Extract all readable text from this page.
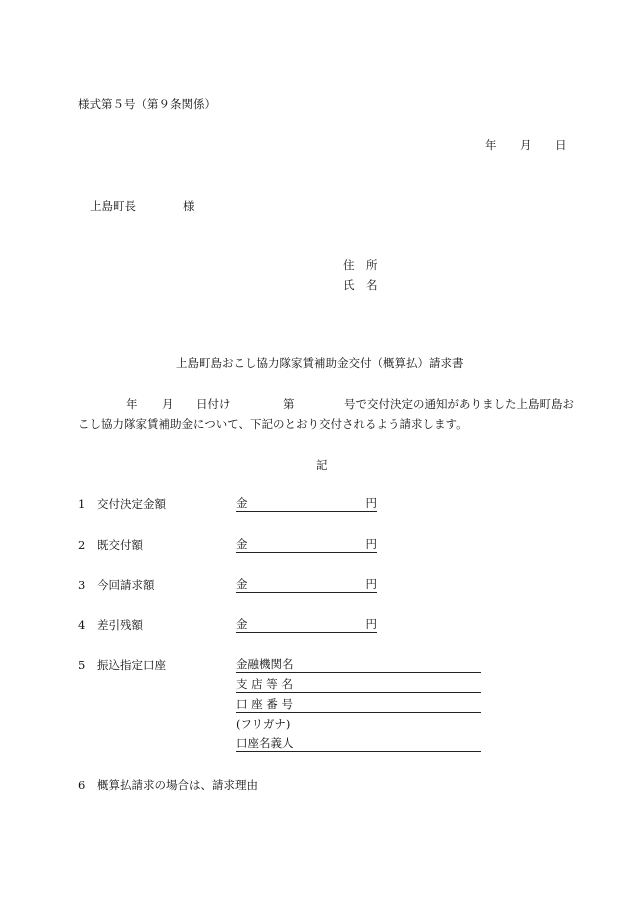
様式第５号（第９条関係）
年 月 日
上島町長	様
住　所
氏　名
上島町島おこし協力隊家賃補助金交付（概算払）請求書
年 月 日付け	第	号で交付決定の通知がありました上島町島お
こし協力隊家賃補助金について、下記のとおり交付されるよう請求します。
記
1 交付決定金額	金	円
2 既交付額	金	円
3 今回請求額	金	円
4 差引残額	金	円
5 振込指定口座	金融機関名
支 店 等 名
口 座 番 号
(フリガナ)
口座名義人
6 概算払請求の場合は、請求理由
